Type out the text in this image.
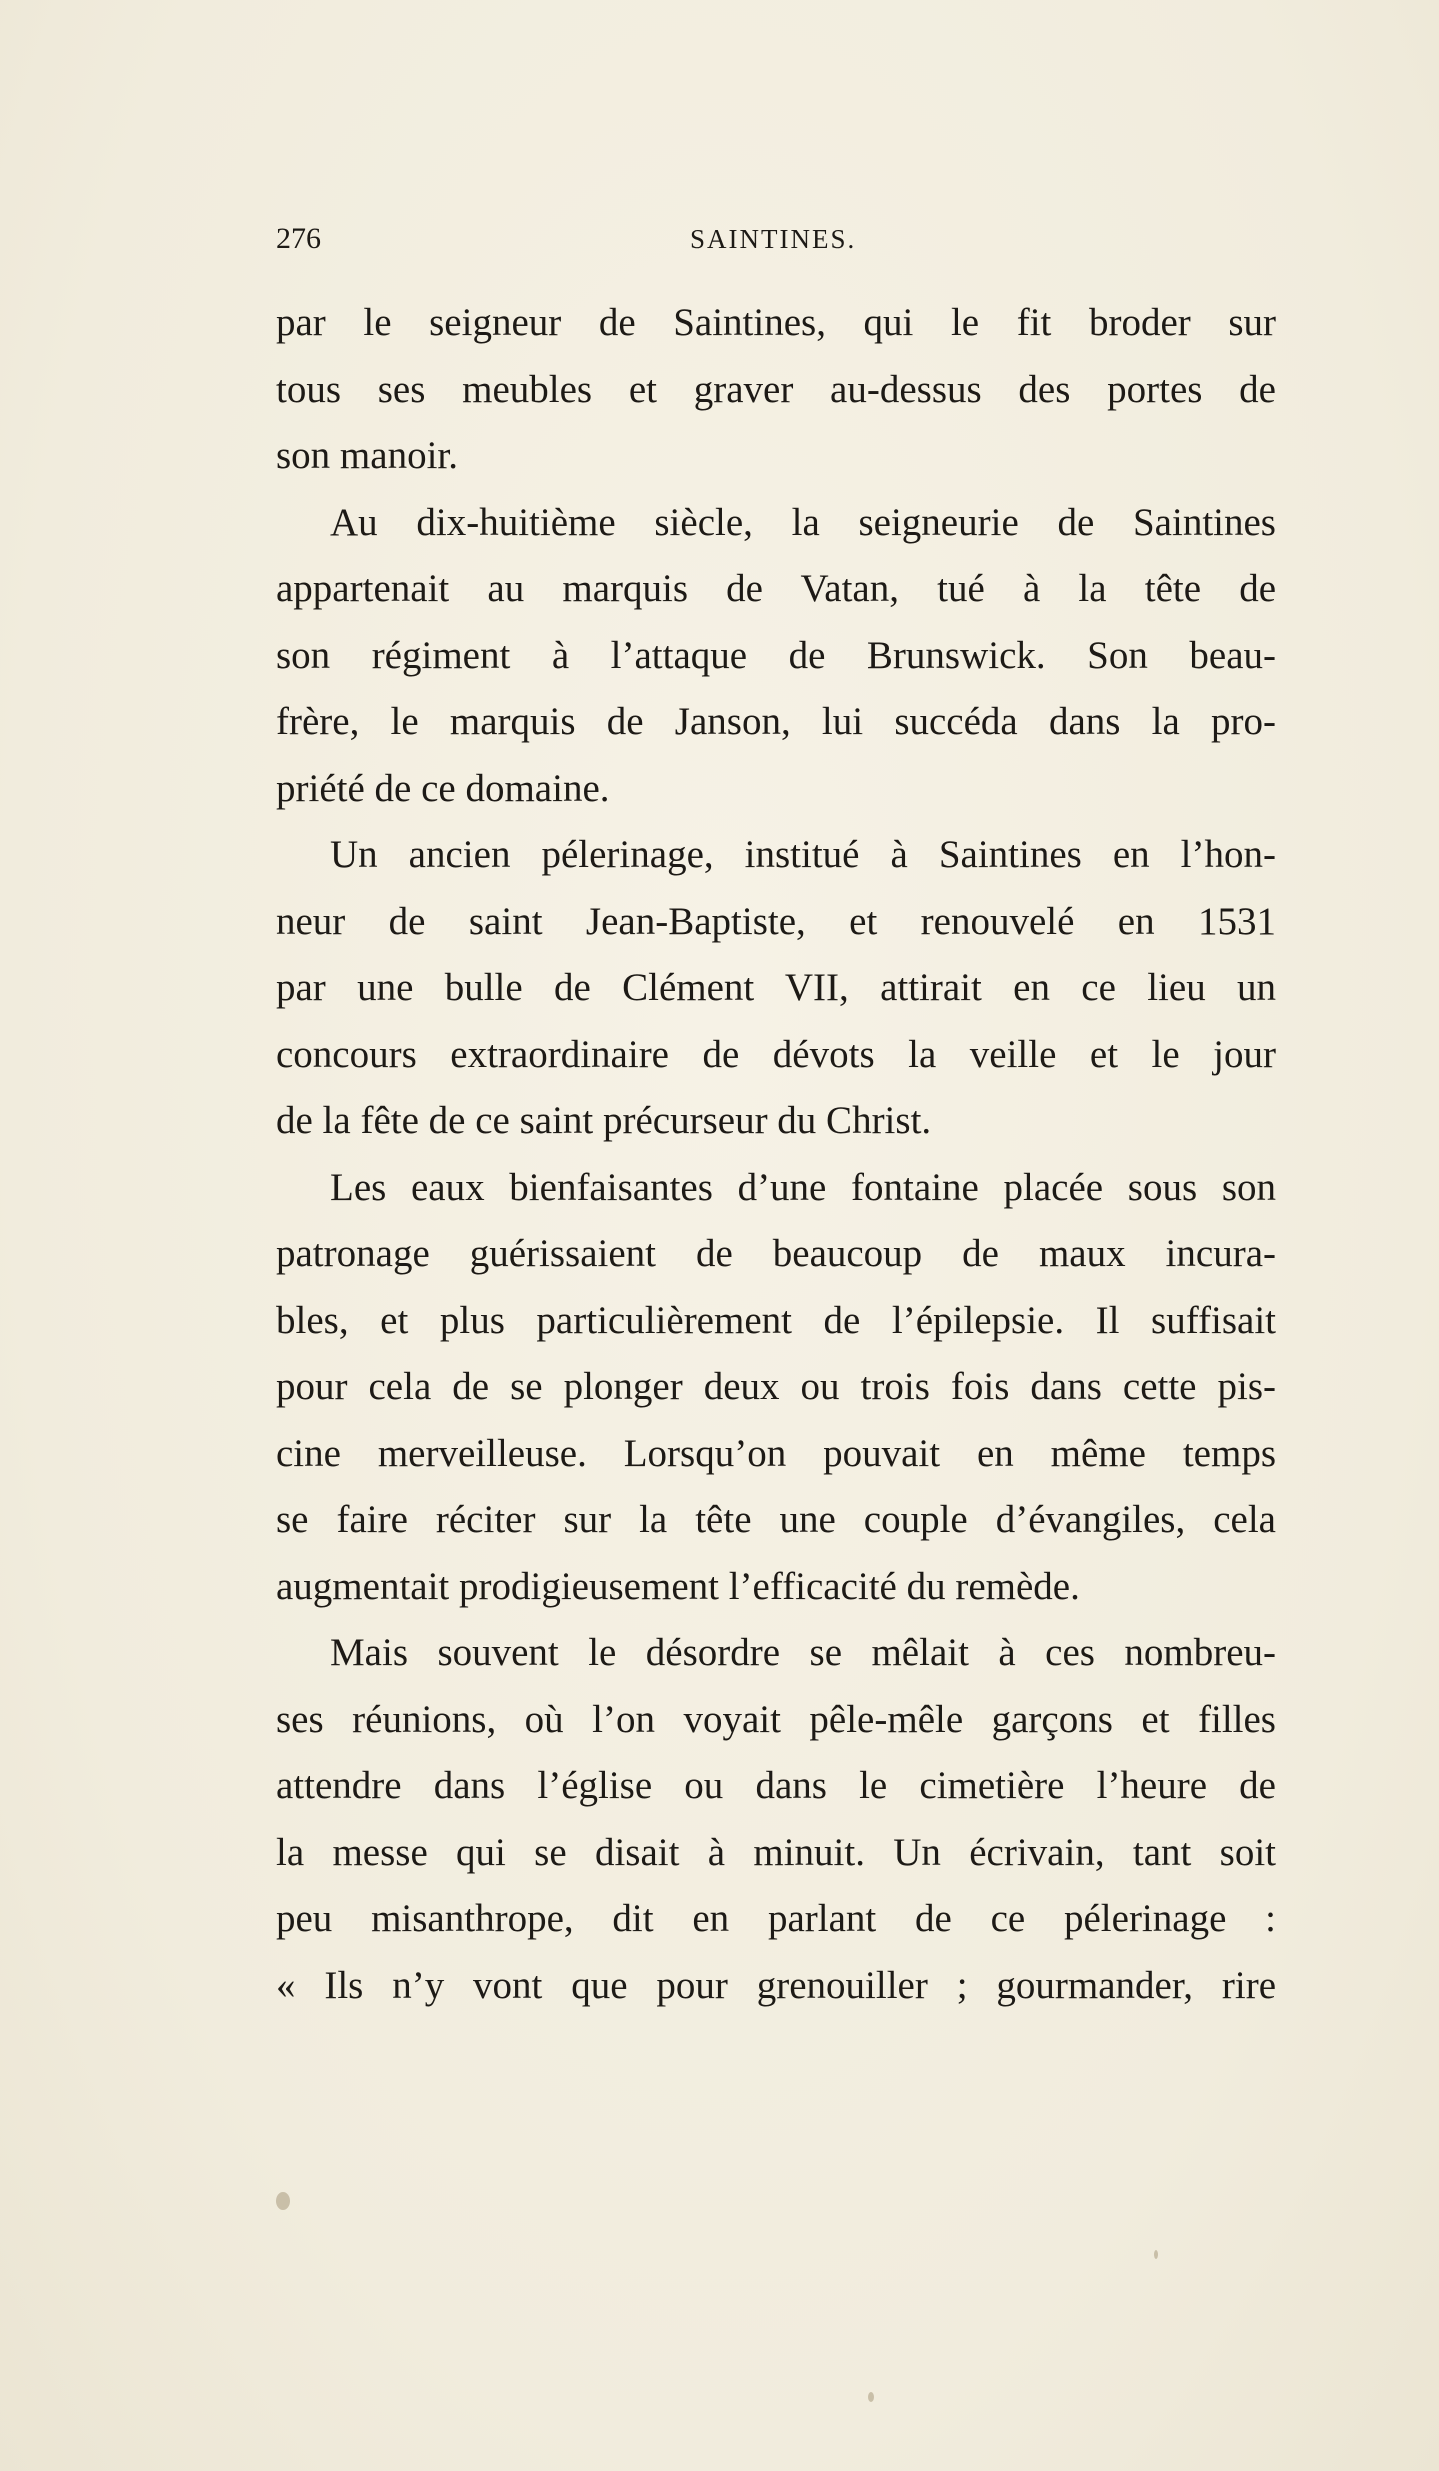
276	SAINTINES.
par le seigneur de Saintines, qui le fit broder sur
tous ses meubles et graver au-dessus des portes de
son manoir.
Au dix-huitième siècle, la seigneurie de Saintines
appartenait au marquis de Vatan, tué à la tête de
son régiment à l’attaque de Brunswick. Son beau-
frère, le marquis de Janson, lui succéda dans la pro-
priété de ce domaine.
Un ancien pélerinage, institué à Saintines en l’hon-
neur de saint Jean-Baptiste, et renouvelé en 1531
par une bulle de Clément VII, attirait en ce lieu un
concours extraordinaire de dévots la veille et le jour
de la fête de ce saint précurseur du Christ.
Les eaux bienfaisantes d’une fontaine placée sous son
patronage guérissaient de beaucoup de maux incura-
bles, et plus particulièrement de l’épilepsie. Il suffisait
pour cela de se plonger deux ou trois fois dans cette pis-
cine merveilleuse. Lorsqu’on pouvait en même temps
se faire réciter sur la tête une couple d’évangiles, cela
augmentait prodigieusement l’efficacité du remède.
Mais souvent le désordre se mêlait à ces nombreu-
ses réunions, où l’on voyait pêle-mêle garçons et filles
attendre dans l’église ou dans le cimetière l’heure de
la messe qui se disait à minuit. Un écrivain, tant soit
peu misanthrope, dit en parlant de ce pélerinage :
« Ils n’y vont que pour grenouiller ; gourmander, rire
